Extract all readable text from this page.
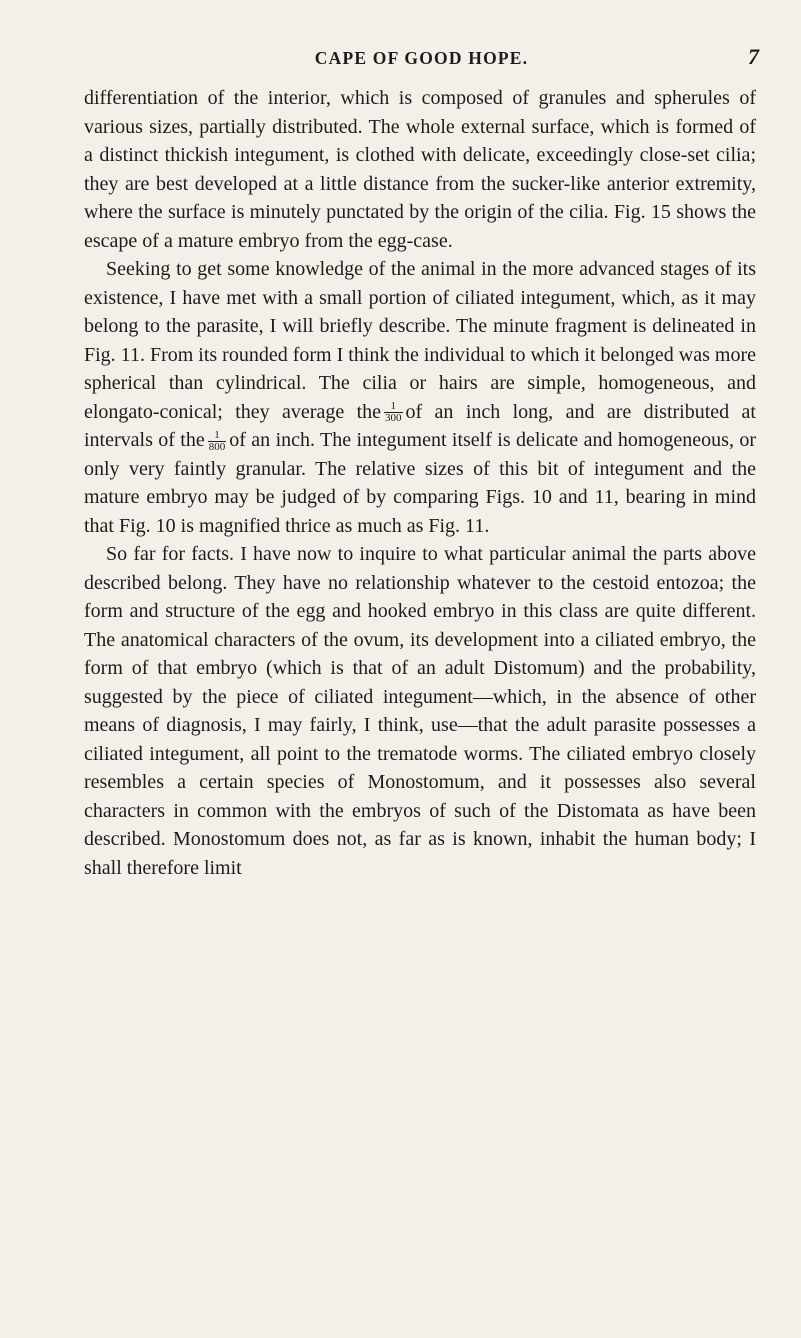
CAPE OF GOOD HOPE.	7

differentiation of the interior, which is composed of granules and spherules of various sizes, partially distributed. The whole external surface, which is formed of a distinct thickish integument, is clothed with delicate, exceedingly close-set cilia; they are best developed at a little distance from the sucker-like anterior extremity, where the surface is minutely punctated by the origin of the cilia. Fig. 15 shows the escape of a mature embryo from the egg-case.

Seeking to get some knowledge of the animal in the more advanced stages of its existence, I have met with a small portion of ciliated integument, which, as it may belong to the parasite, I will briefly describe. The minute fragment is delineated in Fig. 11. From its rounded form I think the individual to which it belonged was more spherical than cylindrical. The cilia or hairs are simple, homogeneous, and elongato-conical; they average the $\frac{1}{300}$ of an inch long, and are distributed at intervals of the $\frac{1}{800}$ of an inch. The integument itself is delicate and homogeneous, or only very faintly granular. The relative sizes of this bit of integument and the mature embryo may be judged of by comparing Figs. 10 and 11, bearing in mind that Fig. 10 is magnified thrice as much as Fig. 11.

So far for facts. I have now to inquire to what particular animal the parts above described belong. They have no relationship whatever to the cestoid entozoa; the form and structure of the egg and hooked embryo in this class are quite different. The anatomical characters of the ovum, its development into a ciliated embryo, the form of that embryo (which is that of an adult Distomum) and the probability, suggested by the piece of ciliated integument—which, in the absence of other means of diagnosis, I may fairly, I think, use—that the adult parasite possesses a ciliated integument, all point to the trematode worms. The ciliated embryo closely resembles a certain species of Monostomum, and it possesses also several characters in common with the embryos of such of the Distomata as have been described. Monostomum does not, as far as is known, inhabit the human body; I shall therefore limit
